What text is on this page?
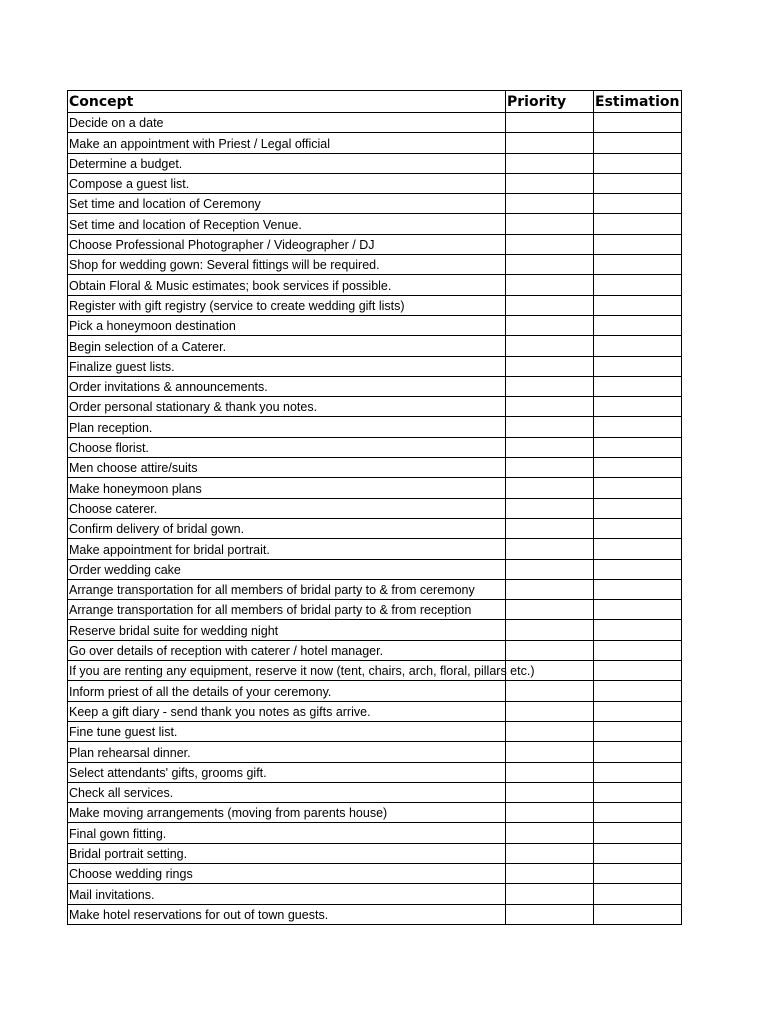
Concept	Priority	Estimation
Decide on a date		
Make an appointment with Priest / Legal official		
Determine a budget.		
Compose a guest list.		
Set time and location of Ceremony		
Set time and location of Reception Venue.		
Choose Professional Photographer / Videographer / DJ		
Shop for wedding gown: Several fittings will be required.		
Obtain Floral & Music estimates; book services if possible.		
Register with gift registry (service to create wedding gift lists)		
Pick a honeymoon destination		
Begin selection of a Caterer.		
Finalize guest lists.		
Order invitations & announcements.		
Order personal stationary & thank you notes.		
Plan reception.		
Choose florist.		
Men choose attire/suits		
Make honeymoon plans		
Choose caterer.		
Confirm delivery of bridal gown.		
Make appointment for bridal portrait.		
Order wedding cake		
Arrange transportation for all members of bridal party to & from ceremony		
Arrange transportation for all members of bridal party to & from reception		
Reserve bridal suite for wedding night		
Go over details of reception with caterer / hotel manager.		
If you are renting any equipment, reserve it now (tent, chairs, arch, floral, pillars etc.)		
Inform priest of all the details of your ceremony.		
Keep a gift diary - send thank you notes as gifts arrive.		
Fine tune guest list.		
Plan rehearsal dinner.		
Select attendants' gifts, grooms gift.		
Check all services.		
Make moving arrangements (moving from parents house)		
Final gown fitting.		
Bridal portrait setting.		
Choose wedding rings		
Mail invitations.		
Make hotel reservations for out of town guests.		
